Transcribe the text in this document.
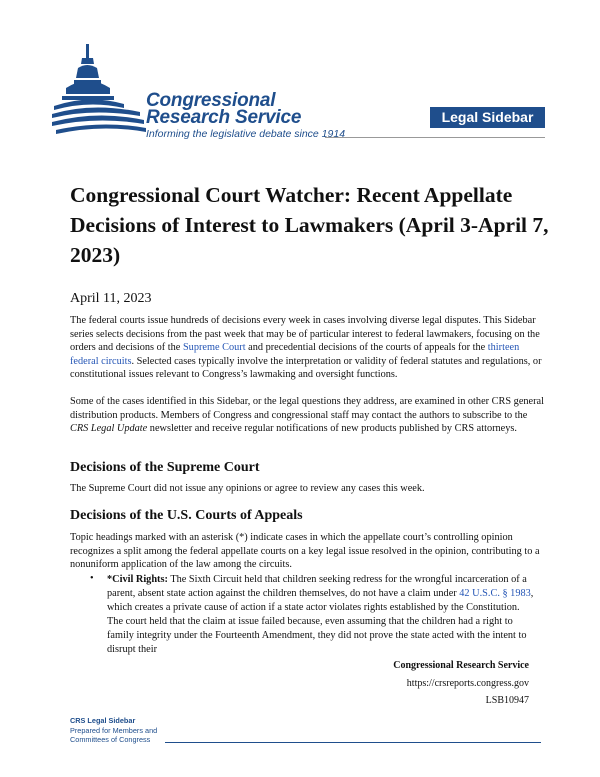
Congressional
Research Service
Informing the legislative debate since 1914
Legal Sidebar
Congressional Court Watcher: Recent Appellate Decisions of Interest to Lawmakers (April 3-April 7, 2023)
April 11, 2023

The federal courts issue hundreds of decisions every week in cases involving diverse legal disputes. This Sidebar series selects decisions from the past week that may be of particular interest to federal lawmakers, focusing on the orders and decisions of the Supreme Court and precedential decisions of the courts of appeals for the thirteen federal circuits. Selected cases typically involve the interpretation or validity of federal statutes and regulations, or constitutional issues relevant to Congress’s lawmaking and oversight functions.

Some of the cases identified in this Sidebar, or the legal questions they address, are examined in other CRS general distribution products. Members of Congress and congressional staff may contact the authors to subscribe to the CRS Legal Update newsletter and receive regular notifications of new products published by CRS attorneys.

Decisions of the Supreme Court

The Supreme Court did not issue any opinions or agree to review any cases this week.

Decisions of the U.S. Courts of Appeals

Topic headings marked with an asterisk (*) indicate cases in which the appellate court’s controlling opinion recognizes a split among the federal appellate courts on a key legal issue resolved in the opinion, contributing to a nonuniform application of the law among the circuits.

• *Civil Rights: The Sixth Circuit held that children seeking redress for the wrongful incarceration of a parent, absent state action against the children themselves, do not have a claim under 42 U.S.C. § 1983, which creates a private cause of action if a state actor violates rights established by the Constitution. The court held that the claim at issue failed because, even assuming that the children had a right to family integrity under the Fourteenth Amendment, they did not prove the state acted with the intent to disrupt their

Congressional Research Service
https://crsreports.congress.gov
LSB10947
CRS Legal Sidebar
Prepared for Members and
Committees of Congress
